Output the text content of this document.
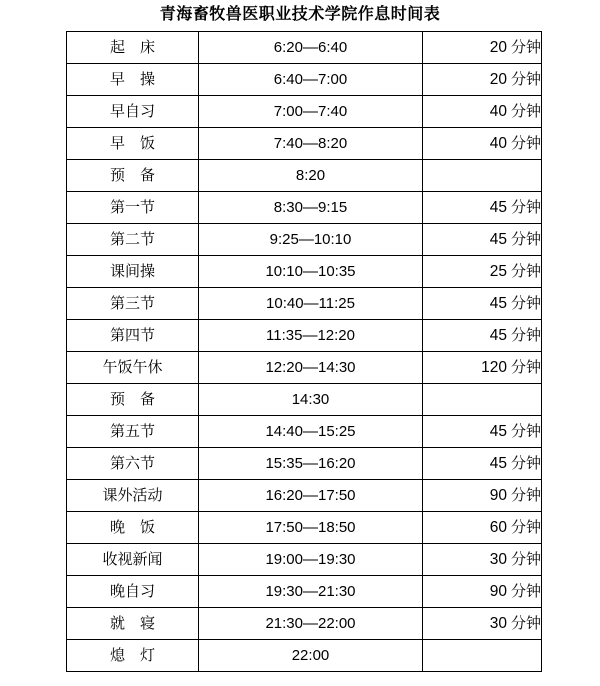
青海畜牧兽医职业技术学院作息时间表
起　床	6:20—6:40	20 分钟
早　操	6:40—7:00	20 分钟
早自习	7:00—7:40	40 分钟
早　饭	7:40—8:20	40 分钟
预　备	8:20	
第一节	8:30—9:15	45 分钟
第二节	9:25—10:10	45 分钟
课间操	10:10—10:35	25 分钟
第三节	10:40—11:25	45 分钟
第四节	11:35—12:20	45 分钟
午饭午休	12:20—14:30	120 分钟
预　备	14:30	
第五节	14:40—15:25	45 分钟
第六节	15:35—16:20	45 分钟
课外活动	16:20—17:50	90 分钟
晚　饭	17:50—18:50	60 分钟
收视新闻	19:00—19:30	30 分钟
晚自习	19:30—21:30	90 分钟
就　寝	21:30—22:00	30 分钟
熄　灯	22:00	
